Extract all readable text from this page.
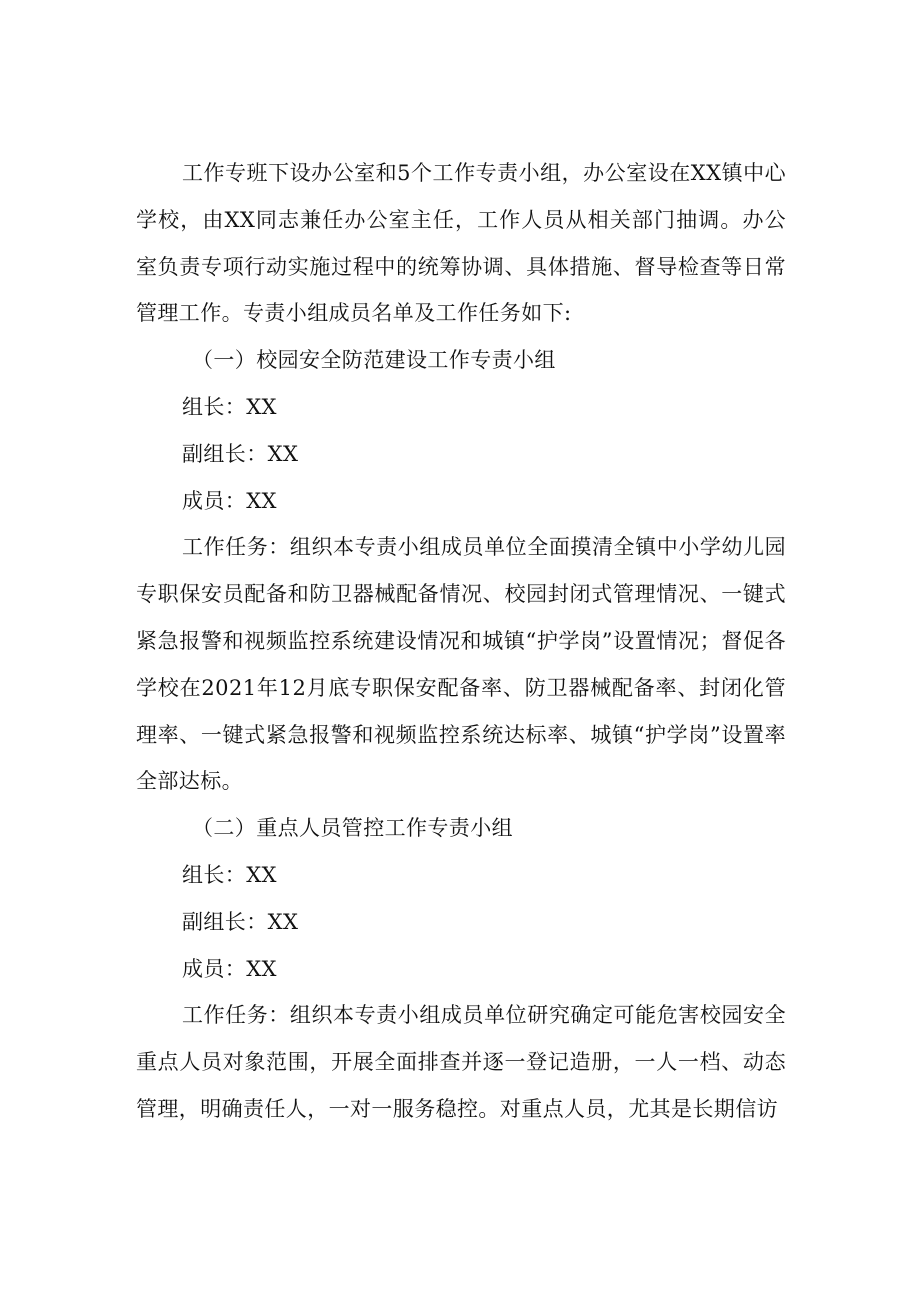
工作专班下设办公室和5个工作专责小组，办公室设在XX镇中心学校，由XX同志兼任办公室主任，工作人员从相关部门抽调。办公室负责专项行动实施过程中的统筹协调、具体措施、督导检查等日常管理工作。专责小组成员名单及工作任务如下:

（一）校园安全防范建设工作专责小组

组长：XX

副组长：XX

成员：XX

工作任务：组织本专责小组成员单位全面摸清全镇中小学幼儿园专职保安员配备和防卫器械配备情况、校园封闭式管理情况、一键式紧急报警和视频监控系统建设情况和城镇“护学岗”设置情况；督促各学校在2021年12月底专职保安配备率、防卫器械配备率、封闭化管理率、一键式紧急报警和视频监控系统达标率、城镇“护学岗”设置率全部达标。

（二）重点人员管控工作专责小组

组长：XX

副组长：XX

成员：XX

工作任务：组织本专责小组成员单位研究确定可能危害校园安全重点人员对象范围，开展全面排查并逐一登记造册，一人一档、动态管理，明确责任人，一对一服务稳控。对重点人员，尤其是长期信访
